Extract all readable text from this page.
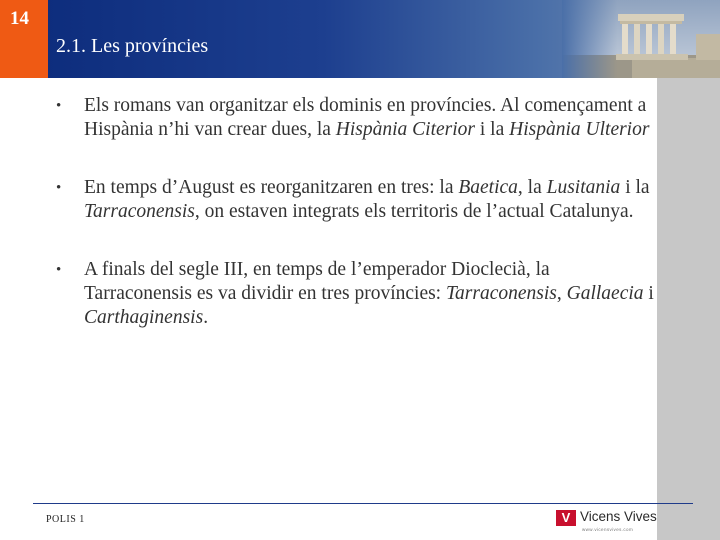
14
2.1. Les províncies
• Els romans van organitzar els dominis en províncies. Al començament a Hispània n’hi van crear dues, la Hispània Citerior i la Hispània Ulterior
• En temps d’August es reorganitzaren en tres: la Baetica, la Lusitania i la Tarraconensis, on estaven integrats els territoris de l’actual Catalunya.
• A finals del segle III, en temps de l’emperador Dioclecià, la Tarraconensis es va dividir en tres províncies: Tarraconensis, Gallaecia i Carthaginensis.
POLIS 1	V Vicens Vives
www.vicensvives.com
